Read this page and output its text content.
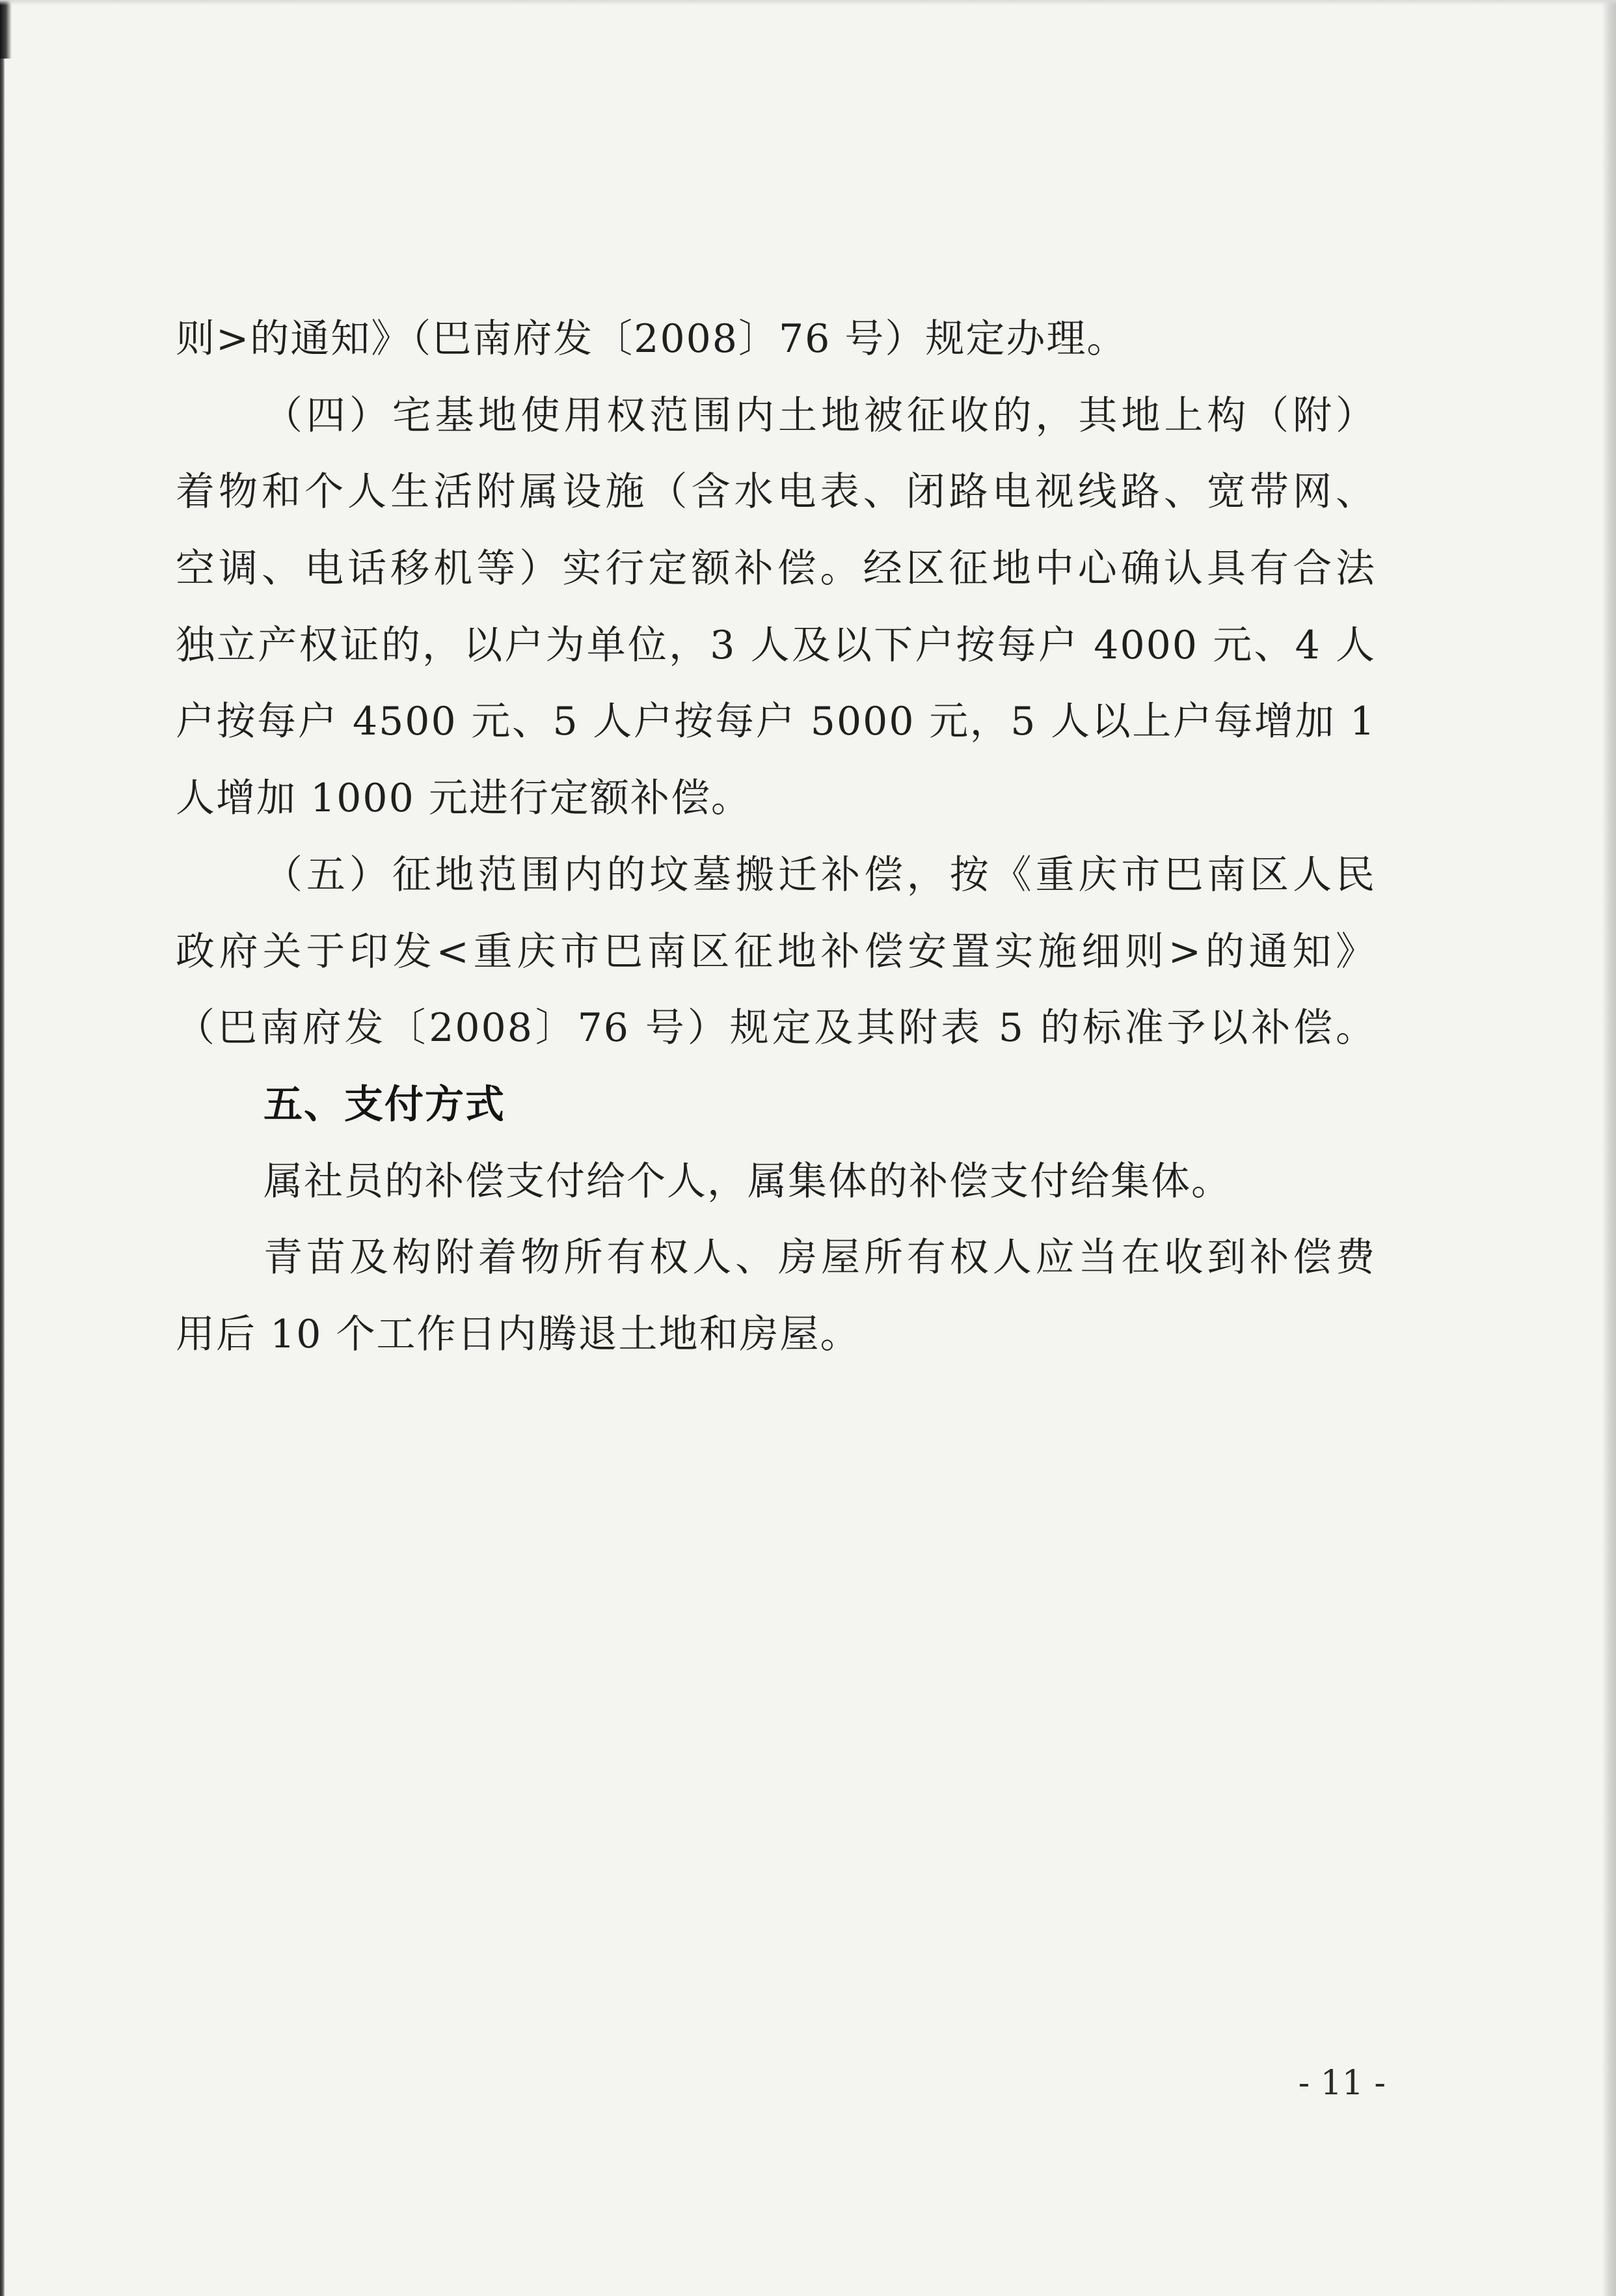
则>的通知》（巴南府发〔2008〕76 号）规定办理。
（四）宅基地使用权范围内土地被征收的，其地上构（附）
着物和个人生活附属设施（含水电表、闭路电视线路、宽带网、
空调、电话移机等）实行定额补偿。经区征地中心确认具有合法
独立产权证的，以户为单位，3 人及以下户按每户 4000 元、4 人
户按每户 4500 元、5 人户按每户 5000 元，5 人以上户每增加 1
人增加 1000 元进行定额补偿。
（五）征地范围内的坟墓搬迁补偿，按《重庆市巴南区人民
政府关于印发<重庆市巴南区征地补偿安置实施细则>的通知》
（巴南府发〔2008〕76 号）规定及其附表 5 的标准予以补偿。
五、支付方式
属社员的补偿支付给个人，属集体的补偿支付给集体。
青苗及构附着物所有权人、房屋所有权人应当在收到补偿费
用后 10 个工作日内腾退土地和房屋。
- 11 -
